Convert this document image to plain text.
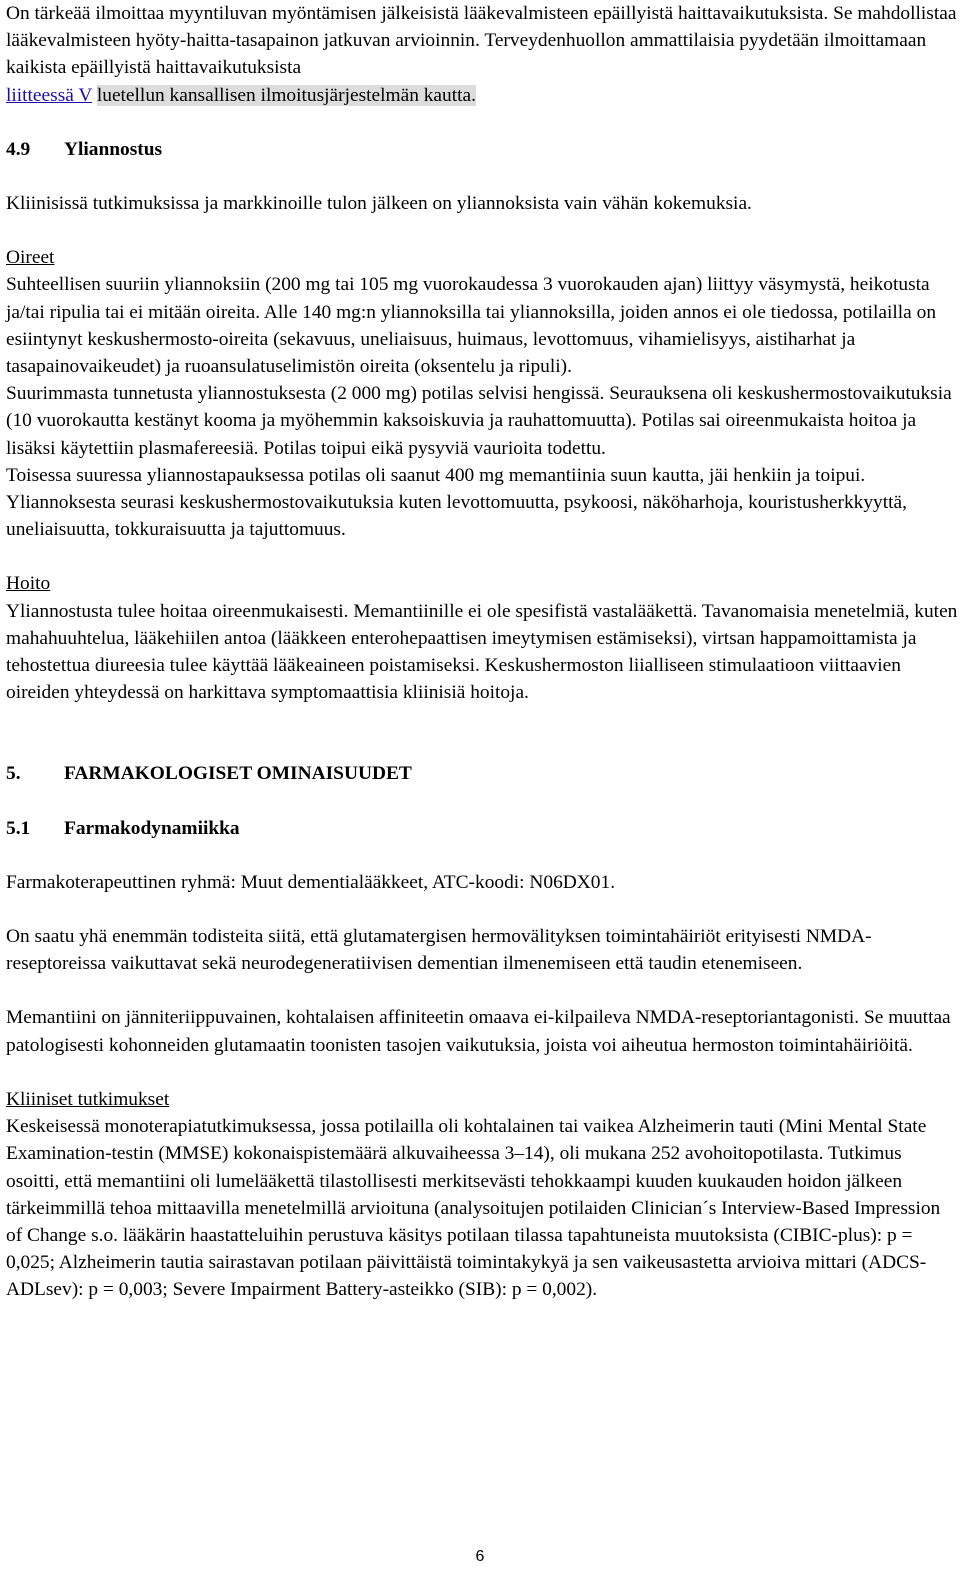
On tärkeää ilmoittaa myyntiluvan myöntämisen jälkeisistä lääkevalmisteen epäillyistä haittavaikutuksista. Se mahdollistaa lääkevalmisteen hyöty-haitta-tasapainon jatkuvan arvioinnin. Terveydenhuollon ammattilaisia pyydetään ilmoittamaan kaikista epäillyistä haittavaikutuksista
liitteessä V luetellun kansallisen ilmoitusjärjestelmän kautta.

4.9 Yliannostus

Kliinisissä tutkimuksissa ja markkinoille tulon jälkeen on yliannoksista vain vähän kokemuksia.

Oireet

Suhteellisen suuriin yliannoksiin (200 mg tai 105 mg vuorokaudessa 3 vuorokauden ajan) liittyy väsymystä, heikotusta ja/tai ripulia tai ei mitään oireita. Alle 140 mg:n yliannoksilla tai yliannoksilla, joiden annos ei ole tiedossa, potilailla on esiintynyt keskushermosto-oireita (sekavuus, uneliaisuus, huimaus, levottomuus, vihamielisyys, aistiharhat ja tasapainovaikeudet) ja ruoansulatuselimistön oireita (oksentelu ja ripuli).

Suurimmasta tunnetusta yliannostuksesta (2 000 mg) potilas selvisi hengissä. Seurauksena oli keskushermostovaikutuksia (10 vuorokautta kestänyt kooma ja myöhemmin kaksoiskuvia ja rauhattomuutta). Potilas sai oireenmukaista hoitoa ja lisäksi käytettiin plasmafereesiä. Potilas toipui eikä pysyviä vaurioita todettu.

Toisessa suuressa yliannostapauksessa potilas oli saanut 400 mg memantiinia suun kautta, jäi henkiin ja toipui. Yliannoksesta seurasi keskushermostovaikutuksia kuten levottomuutta, psykoosi, näköharhoja, kouristusherkkyyttä, uneliaisuutta, tokkuraisuutta ja tajuttomuus.

Hoito

Yliannostusta tulee hoitaa oireenmukaisesti. Memantiinille ei ole spesifistä vastalääkettä. Tavanomaisia menetelmiä, kuten mahahuuhtelua, lääkehiilen antoa (lääkkeen enterohepaattisen imeytymisen estämiseksi), virtsan happamoittamista ja tehostettua diureesia tulee käyttää lääkeaineen poistamiseksi. Keskushermoston liialliseen stimulaatioon viittaavien oireiden yhteydessä on harkittava symptomaattisia kliinisiä hoitoja.

5. FARMAKOLOGISET OMINAISUUDET

5.1 Farmakodynamiikka

Farmakoterapeuttinen ryhmä: Muut dementialääkkeet, ATC-koodi: N06DX01.

On saatu yhä enemmän todisteita siitä, että glutamatergisen hermovälityksen toimintahäiriöt erityisesti NMDA-reseptoreissa vaikuttavat sekä neurodegeneratiivisen dementian ilmenemiseen että taudin etenemiseen.

Memantiini on jänniteriippuvainen, kohtalaisen affiniteetin omaava ei-kilpaileva NMDA-reseptoriantagonisti. Se muuttaa patologisesti kohonneiden glutamaatin toonisten tasojen vaikutuksia, joista voi aiheutua hermoston toimintahäiriöitä.

Kliiniset tutkimukset

Keskeisessä monoterapiatutkimuksessa, jossa potilailla oli kohtalainen tai vaikea Alzheimerin tauti (Mini Mental State Examination-testin (MMSE) kokonaispistemäärä alkuvaiheessa 3–14), oli mukana 252 avohoitopotilasta. Tutkimus osoitti, että memantiini oli lumelääkettä tilastollisesti merkitsevästi tehokkaampi kuuden kuukauden hoidon jälkeen tärkeimmillä tehoa mittaavilla menetelmillä arvioituna (analysoitujen potilaiden Clinician´s Interview-Based Impression of Change s.o. lääkärin haastatteluihin perustuva käsitys potilaan tilassa tapahtuneista muutoksista (CIBIC-plus): p = 0,025; Alzheimerin tautia sairastavan potilaan päivittäistä toimintakykyä ja sen vaikeusastetta arvioiva mittari (ADCS-ADLsev): p = 0,003; Severe Impairment Battery-asteikko (SIB): p = 0,002).

6
